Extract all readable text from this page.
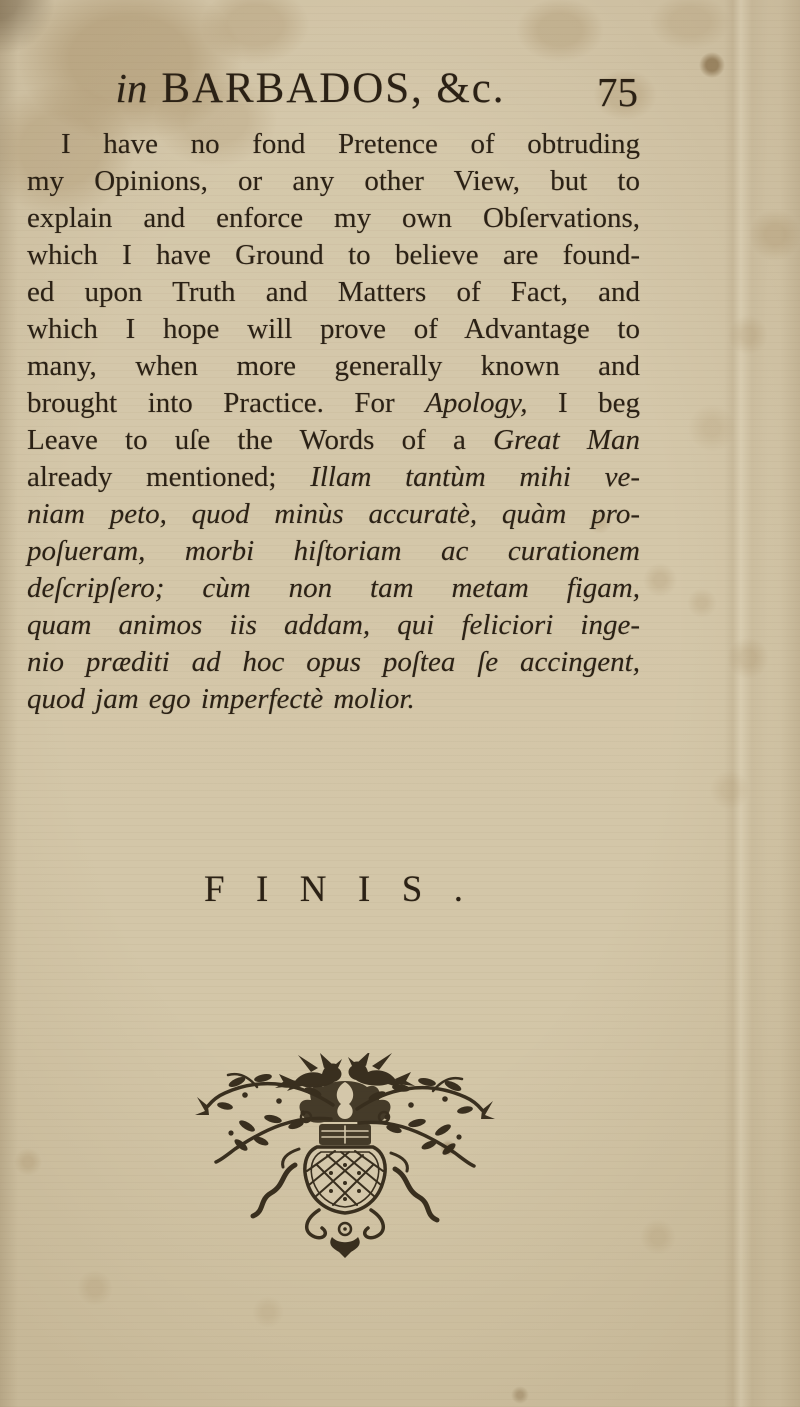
in BARBADOS, &c.	75
I have no fond Pretence of obtruding
my Opinions, or any other View, but to
explain and enforce my own Obſervations,
which I have Ground to believe are found-
ed upon Truth and Matters of Fact, and
which I hope will prove of Advantage to
many, when more generally known and
brought into Practice. For Apology, I beg
Leave to uſe the Words of a Great Man
already mentioned; Illam tantùm mihi ve-
niam peto, quod minùs accuratè, quàm pro-
poſueram, morbi hiſtoriam ac curationem
deſcripſero; cùm non tam metam figam,
quam animos iis addam, qui feliciori inge-
nio præditi ad hoc opus poſtea ſe accingent,
quod jam ego imperfectè molior.
FINIS.
